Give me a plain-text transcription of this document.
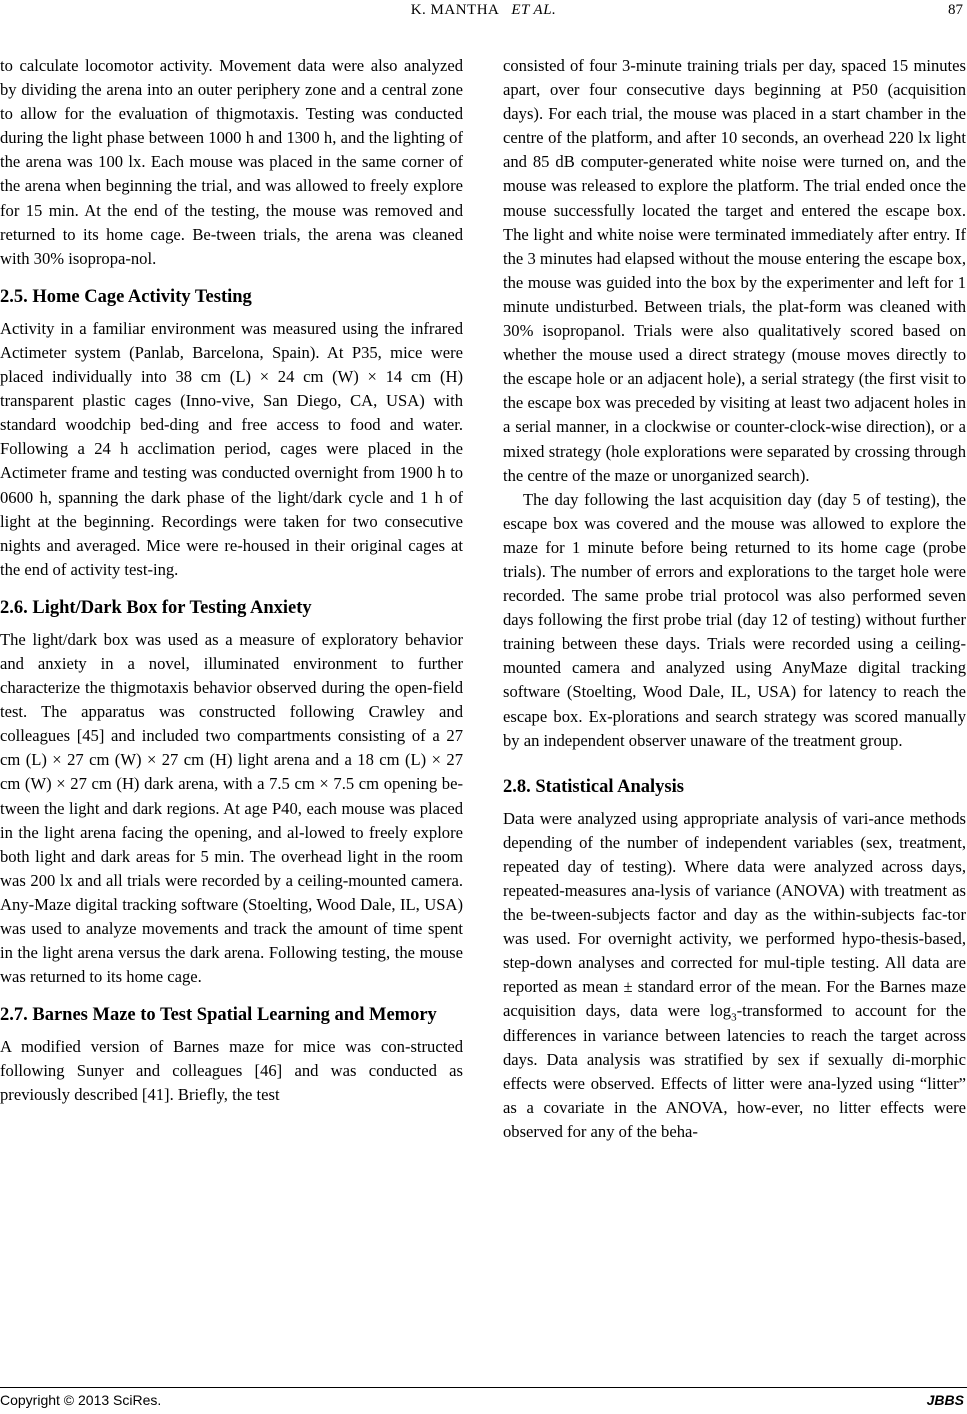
K. MANTHA ET AL.	87

to calculate locomotor activity. Movement data were also analyzed by dividing the arena into an outer periphery zone and a central zone to allow for the evaluation of thigmotaxis. Testing was conducted during the light phase between 1000 h and 1300 h, and the lighting of the arena was 100 lx. Each mouse was placed in the same corner of the arena when beginning the trial, and was allowed to freely explore for 15 min. At the end of the testing, the mouse was removed and returned to its home cage. Be-tween trials, the arena was cleaned with 30% isopropa-nol.

2.5. Home Cage Activity Testing

Activity in a familiar environment was measured using the infrared Actimeter system (Panlab, Barcelona, Spain). At P35, mice were placed individually into 38 cm (L) × 24 cm (W) × 14 cm (H) transparent plastic cages (Inno-vive, San Diego, CA, USA) with standard woodchip bed-ding and free access to food and water. Following a 24 h acclimation period, cages were placed in the Actimeter frame and testing was conducted overnight from 1900 h to 0600 h, spanning the dark phase of the light/dark cycle and 1 h of light at the beginning. Recordings were taken for two consecutive nights and averaged. Mice were re-housed in their original cages at the end of activity test-ing.

2.6. Light/Dark Box for Testing Anxiety

The light/dark box was used as a measure of exploratory behavior and anxiety in a novel, illuminated environment to further characterize the thigmotaxis behavior observed during the open-field test. The apparatus was constructed following Crawley and colleagues [45] and included two compartments consisting of a 27 cm (L) × 27 cm (W) × 27 cm (H) light arena and a 18 cm (L) × 27 cm (W) × 27 cm (H) dark arena, with a 7.5 cm × 7.5 cm opening be-tween the light and dark regions. At age P40, each mouse was placed in the light arena facing the opening, and al-lowed to freely explore both light and dark areas for 5 min. The overhead light in the room was 200 lx and all trials were recorded by a ceiling-mounted camera. Any-Maze digital tracking software (Stoelting, Wood Dale, IL, USA) was used to analyze movements and track the amount of time spent in the light arena versus the dark arena. Following testing, the mouse was returned to its home cage.

2.7. Barnes Maze to Test Spatial Learning and Memory

A modified version of Barnes maze for mice was con-structed following Sunyer and colleagues [46] and was conducted as previously described [41]. Briefly, the test

consisted of four 3-minute training trials per day, spaced 15 minutes apart, over four consecutive days beginning at P50 (acquisition days). For each trial, the mouse was placed in a start chamber in the centre of the platform, and after 10 seconds, an overhead 220 lx light and 85 dB computer-generated white noise were turned on, and the mouse was released to explore the platform. The trial ended once the mouse successfully located the target and entered the escape box. The light and white noise were terminated immediately after entry. If the 3 minutes had elapsed without the mouse entering the escape box, the mouse was guided into the box by the experimenter and left for 1 minute undisturbed. Between trials, the plat-form was cleaned with 30% isopropanol. Trials were also qualitatively scored based on whether the mouse used a direct strategy (mouse moves directly to the escape hole or an adjacent hole), a serial strategy (the first visit to the escape box was preceded by visiting at least two adjacent holes in a serial manner, in a clockwise or counter-clock-wise direction), or a mixed strategy (hole explorations were separated by crossing through the centre of the maze or unorganized search).

The day following the last acquisition day (day 5 of testing), the escape box was covered and the mouse was allowed to explore the maze for 1 minute before being returned to its home cage (probe trials). The number of errors and explorations to the target hole were recorded. The same probe trial protocol was also performed seven days following the first probe trial (day 12 of testing) without further training between these days. Trials were recorded using a ceiling-mounted camera and analyzed using AnyMaze digital tracking software (Stoelting, Wood Dale, IL, USA) for latency to reach the escape box. Ex-plorations and search strategy was scored manually by an independent observer unaware of the treatment group.

2.8. Statistical Analysis

Data were analyzed using appropriate analysis of vari-ance methods depending of the number of independent variables (sex, treatment, repeated day of testing). Where data were analyzed across days, repeated-measures ana-lysis of variance (ANOVA) with treatment as the be-tween-subjects factor and day as the within-subjects fac-tor was used. For overnight activity, we performed hypo-thesis-based, step-down analyses and corrected for mul-tiple testing. All data are reported as mean ± standard error of the mean. For the Barnes maze acquisition days, data were $\log_3$-transformed to account for the differences in variance between latencies to reach the target across days. Data analysis was stratified by sex if sexually di-morphic effects were observed. Effects of litter were ana-lyzed using “litter” as a covariate in the ANOVA, how-ever, no litter effects were observed for any of the beha-

Copyright © 2013 SciRes.	JBBS
